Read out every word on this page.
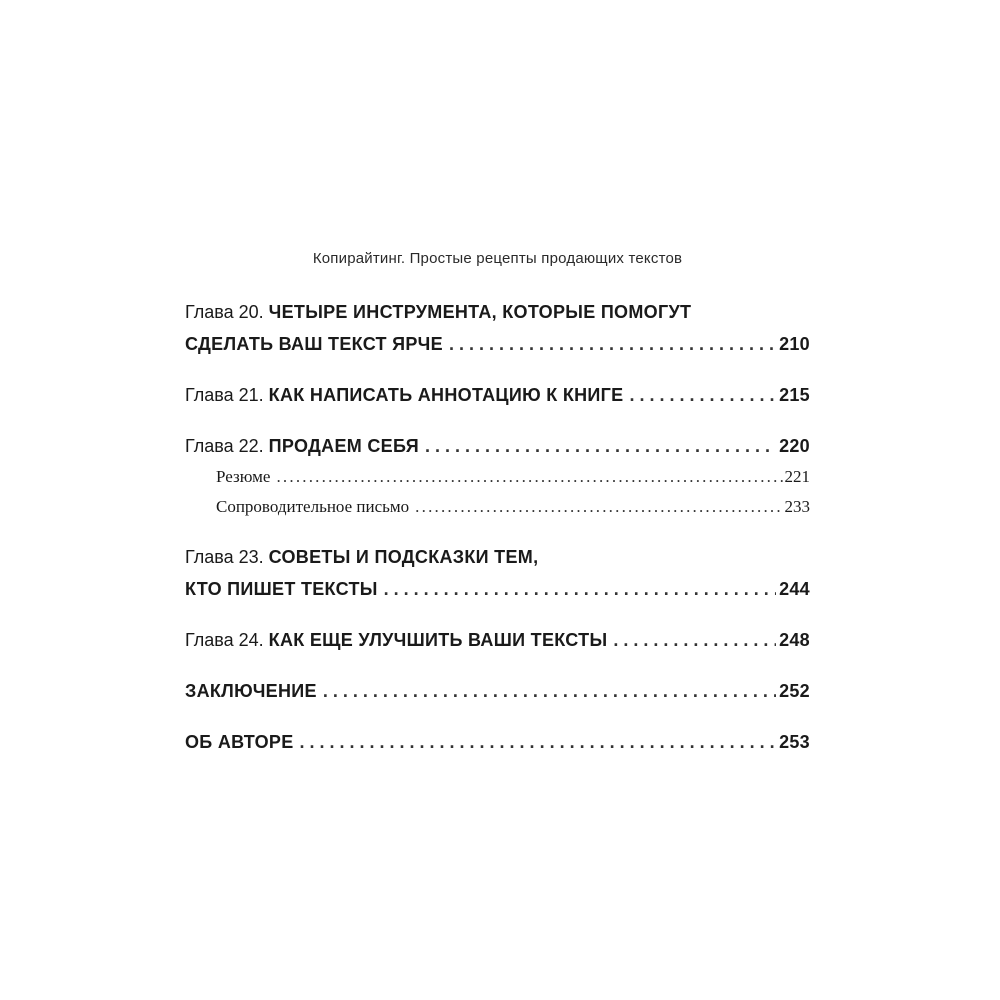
Копирайтинг. Простые рецепты продающих текстов
Глава 20. ЧЕТЫРЕ ИНСТРУМЕНТА, КОТОРЫЕ ПОМОГУТ
СДЕЛАТЬ ВАШ ТЕКСТ ЯРЧЕ . . .	210
Глава 21. КАК НАПИСАТЬ АННОТАЦИЮ К КНИГЕ . . .	215
Глава 22. ПРОДАЕМ СЕБЯ . . .	220
Резюме .....	221
Сопроводительное письмо .....	233
Глава 23. СОВЕТЫ И ПОДСКАЗКИ ТЕМ,
КТО ПИШЕТ ТЕКСТЫ . . .	244
Глава 24. КАК ЕЩЕ УЛУЧШИТЬ ВАШИ ТЕКСТЫ . . .	248
ЗАКЛЮЧЕНИЕ . . .	252
ОБ АВТОРЕ . . .	253
